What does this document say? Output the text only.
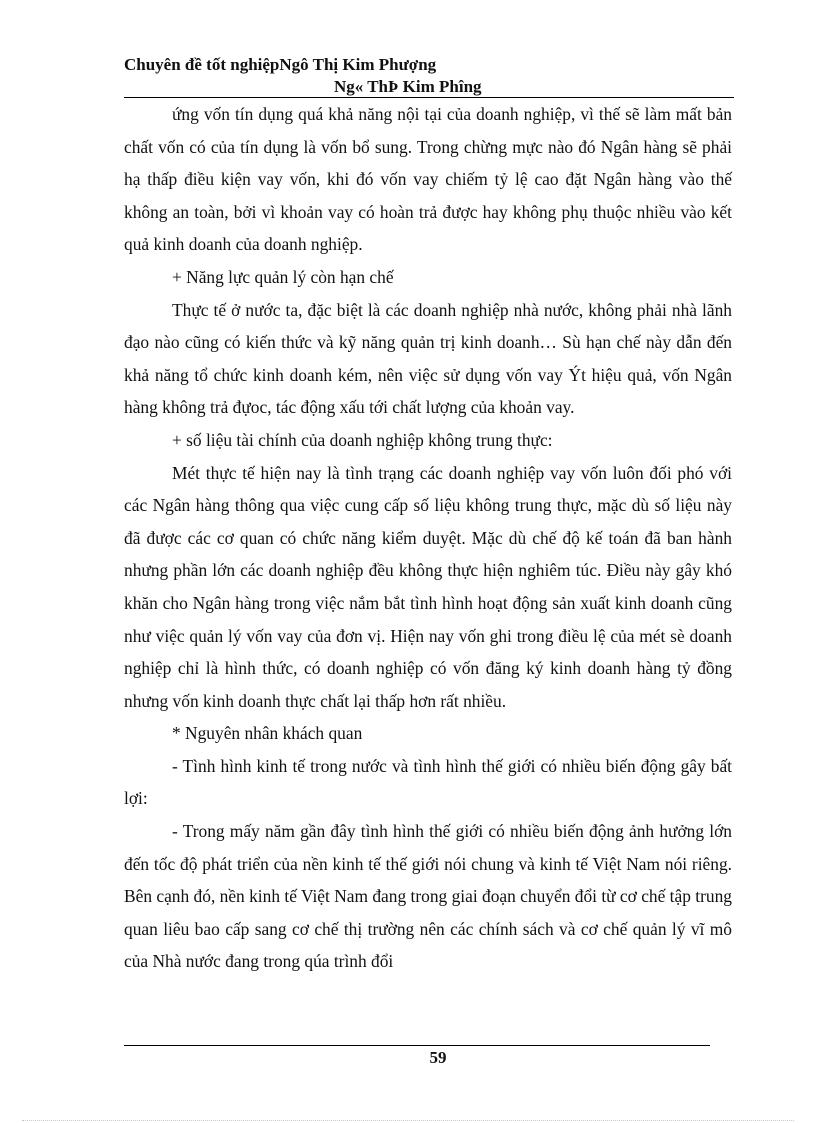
Chuyên đề tốt nghiệpNgô Thị Kim Phượng
Ng« ThÞ Kim Phîng

ứng vốn tín dụng quá khả năng nội tại của doanh nghiệp, vì thế sẽ làm mất bản chất vốn có của tín dụng là vốn bổ sung. Trong chừng mực nào đó Ngân hàng sẽ phải hạ thấp điều kiện vay vốn, khi đó vốn vay chiếm tỷ lệ cao đặt Ngân hàng vào thế không an toàn, bởi vì khoản vay có hoàn trả được hay không phụ thuộc nhiều vào kết quả kinh doanh của doanh nghiệp.

+ Năng lực quản lý còn hạn chế

Thực tế ở nước ta, đặc biệt là các doanh nghiệp nhà nước, không phải nhà lãnh đạo nào cũng có kiến thức và kỹ năng quản trị kinh doanh… Sù hạn chế này dẫn đến khả năng tổ chức kinh doanh kém, nên việc sử dụng vốn vay Ýt hiệu quả, vốn Ngân hàng không trả đựoc, tác động xấu tới chất lượng của khoản vay.

+ số liệu tài chính của doanh nghiệp không trung thực:

Mét thực tế hiện nay là tình trạng các doanh nghiệp vay vốn luôn đối phó với các Ngân hàng thông qua việc cung cấp số liệu không trung thực, mặc dù số liệu này đã được các cơ quan có chức năng kiểm duyệt. Mặc dù chế độ kế toán đã ban hành nhưng phần lớn các doanh nghiệp đều không thực hiện nghiêm túc. Điều này gây khó khăn cho Ngân hàng trong việc nắm bắt tình hình hoạt động sản xuất kinh doanh cũng như việc quản lý vốn vay của đơn vị. Hiện nay vốn ghi trong điều lệ của mét sè doanh nghiệp chỉ là hình thức, có doanh nghiệp có vốn đăng ký kinh doanh hàng tỷ đồng nhưng vốn kinh doanh thực chất lại thấp hơn rất nhiều.

* Nguyên nhân khách quan

- Tình hình kinh tế trong nước và tình hình thế giới có nhiều biến động gây bất lợi:

- Trong mấy năm gần đây tình hình thế giới có nhiều biến động ảnh hưởng lớn đến tốc độ phát triển của nền kinh tế thế giới nói chung và kinh tế Việt Nam nói riêng. Bên cạnh đó, nền kinh tế Việt Nam đang trong giai đoạn chuyển đổi từ cơ chế tập trung quan liêu bao cấp sang cơ chế thị trường nên các chính sách và cơ chế quản lý vĩ mô của Nhà nước đang trong qúa trình đổi

59
